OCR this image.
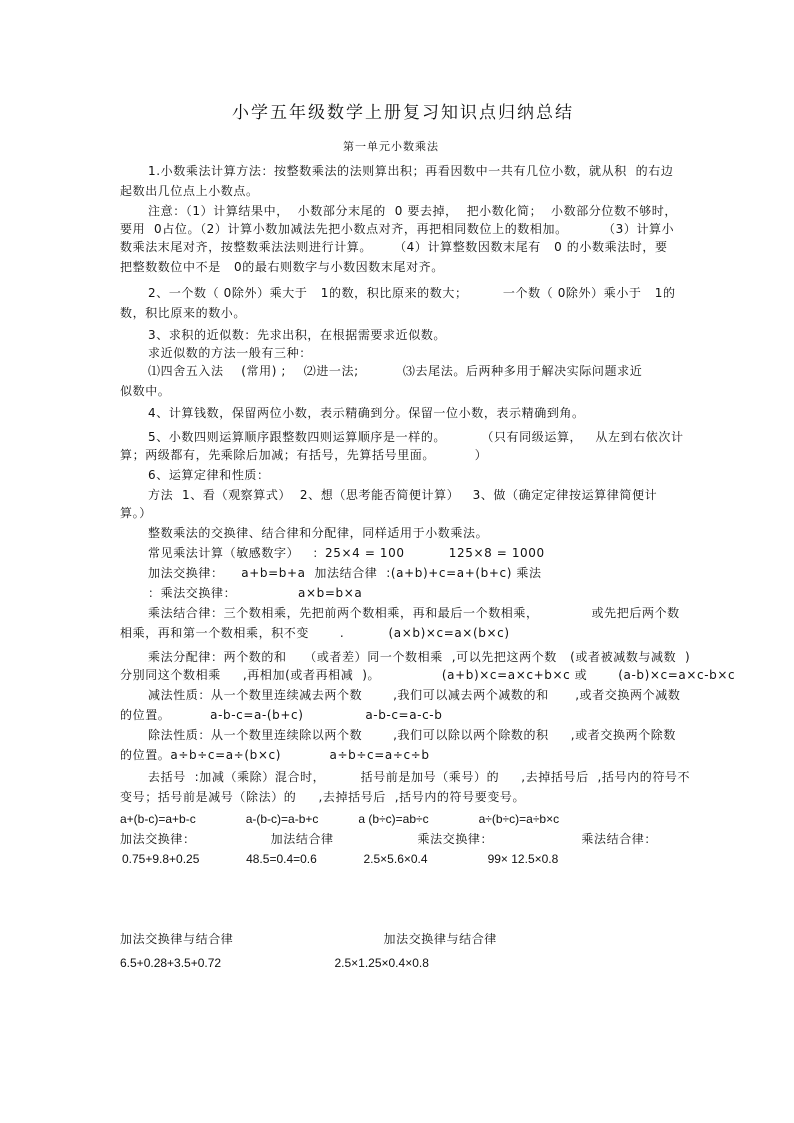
小学五年级数学上册复习知识点归纳总结
第一单元小数乘法
1.小数乘法计算方法：按整数乘法的法则算出积；再看因数中一共有几位小数，就从积  的右边
起数出几位点上小数点。
注意：（1）计算结果中，  小数部分末尾的  0 要去掉，  把小数化简；  小数部分位数不够时，
要用  0占位。（2）计算小数加减法先把小数点对齐，再把相同数位上的数相加。        （3）计算小
数乘法末尾对齐，按整数乘法法则进行计算。     （4）计算整数因数末尾有   0 的小数乘法时，要
把整数数位中不是   0的最右则数字与小数因数末尾对齐。
2、一个数（ 0除外）乘大于   1的数，积比原来的数大；        一个数（ 0除外）乘小于   1的
数，积比原来的数小。
3、求积的近似数：先求出积，在根据需要求近似数。
求近似数的方法一般有三种：
⑴四舍五入法    (常用) ;    ⑵进一法;          ⑶去尾法。后两种多用于解决实际问题求近
似数中。
4、计算钱数，保留两位小数，表示精确到分。保留一位小数，表示精确到角。
5、小数四则运算顺序跟整数四则运算顺序是一样的。        （只有同级运算，   从左到右依次计
算；两级都有，先乘除后加减；有括号，先算括号里面。         ）
6、运算定律和性质：
方法  1、看（观察算式）  2、想（思考能否简便计算）   3、做（确定定律按运算律简便计
算。）
整数乘法的交换律、结合律和分配律，同样适用于小数乘法。
常见乘法计算（敏感数字）   ：25×4 = 100          125×8 = 1000
加法交换律：    a+b=b+a  加法结合律  :(a+b)+c=a+(b+c) 乘法
：乘法交换律：              a×b=b×a
乘法结合律：三个数相乘，先把前两个数相乘，再和最后一个数相乘，            或先把后两个数
相乘，再和第一个数相乘，积不变       .          (a×b)×c=a×(b×c)
乘法分配律：两个数的和    （或者差）同一个数相乘  ,可以先把这两个数   (或者被减数与减数  )
分别同这个数相乘     ,再相加(或者再相减  )。              (a+b)×c=a×c+b×c 或       (a-b)×c=a×c-b×c
减法性质：从一个数里连续减去两个数       ,我们可以减去两个减数的和      ,或者交换两个减数
的位置。         a-b-c=a-(b+c)              a-b-c=a-c-b
除法性质：从一个数里连续除以两个数       ,我们可以除以两个除数的积     ,或者交换两个除数
的位置。a÷b÷c=a÷(b×c)           a÷b÷c=a÷c÷b
去括号  :加减（乘除）混合时，        括号前是加号（乘号）的     ,去掉括号后  ,括号内的符号不
变号；括号前是减号（除法）的     ,去掉括号后  ,括号内的符号要变号。
a+(b-c)=a+b-c               a-(b-c)=a-b+c            a (b÷c)=ab÷c               a÷(b÷c)=a÷b×c
加法交换律：                 加法结合律                   乘法交换律：                    乘法结合律：
0.75+9.8+0.25              48.5=0.4=0.6              2.5×5.6×0.4                  99× 12.5×0.8
加法交换律与结合律                                  加法交换律与结合律
6.5+0.28+3.5+0.72                                  2.5×1.25×0.4×0.8
